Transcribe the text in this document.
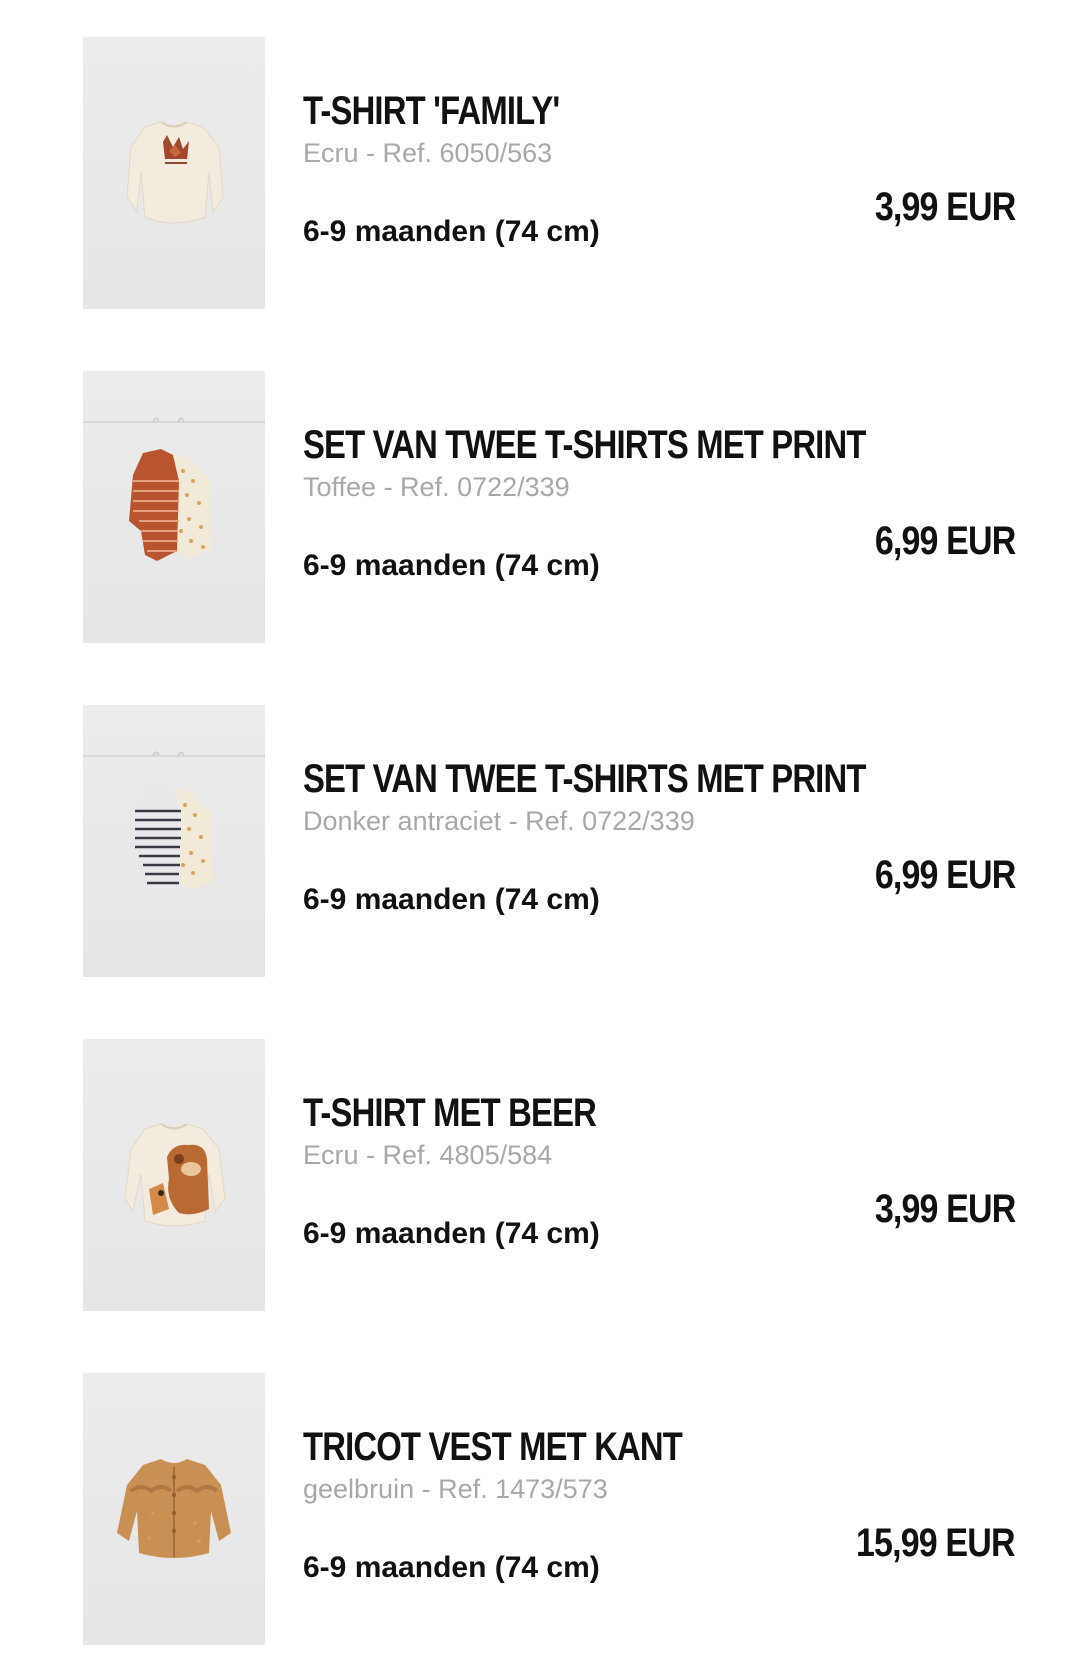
T-SHIRT 'FAMILY'
Ecru - Ref. 6050/563
6-9 maanden (74 cm)
3,99 EUR
SET VAN TWEE T-SHIRTS MET PRINT
Toffee - Ref. 0722/339
6-9 maanden (74 cm)
6,99 EUR
SET VAN TWEE T-SHIRTS MET PRINT
Donker antraciet - Ref. 0722/339
6-9 maanden (74 cm)
6,99 EUR
T-SHIRT MET BEER
Ecru - Ref. 4805/584
6-9 maanden (74 cm)
3,99 EUR
TRICOT VEST MET KANT
geelbruin - Ref. 1473/573
6-9 maanden (74 cm)
15,99 EUR
